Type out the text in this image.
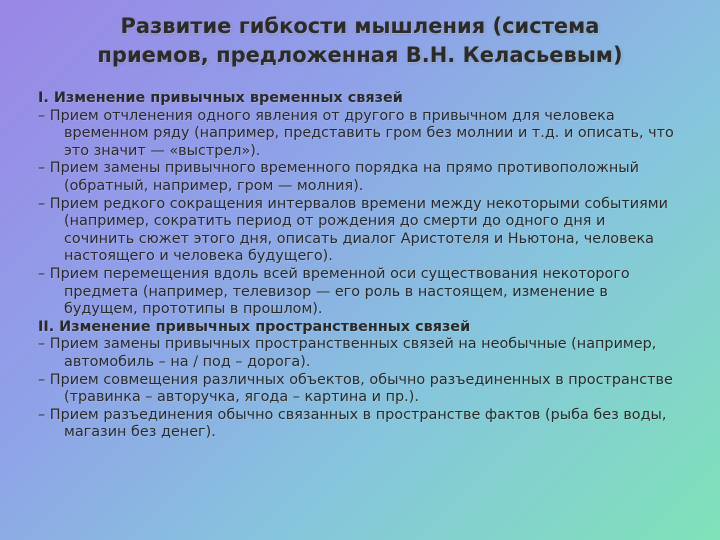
Развитие гибкости мышления (система
приемов, предложенная В.Н. Келасьевым)
I. Изменение привычных временных связей
– Прием отчленения одного явления от другого в привычном для человека временном ряду (например, представить гром без молнии и т.д. и описать, что это значит — «выстрел»).
– Прием замены привычного временного порядка на прямо противоположный (обратный, например, гром — молния).
– Прием редкого сокращения интервалов времени между некоторыми событиями (например, сократить период от рождения до смерти до одного дня и сочинить сюжет этого дня, описать диалог Аристотеля и Ньютона, человека настоящего и человека будущего).
– Прием перемещения вдоль всей временной оси существования некоторого предмета (например, телевизор — его роль в настоящем, изменение в будущем, прототипы в прошлом).
II. Изменение привычных пространственных связей
– Прием замены привычных пространственных связей на необычные (например, автомобиль – на / под – дорога).
– Прием совмещения различных объектов, обычно разъединенных в пространстве (травинка – авторучка, ягода – картина и пр.).
– Прием разъединения обычно связанных в пространстве фактов (рыба без воды, магазин без денег).
